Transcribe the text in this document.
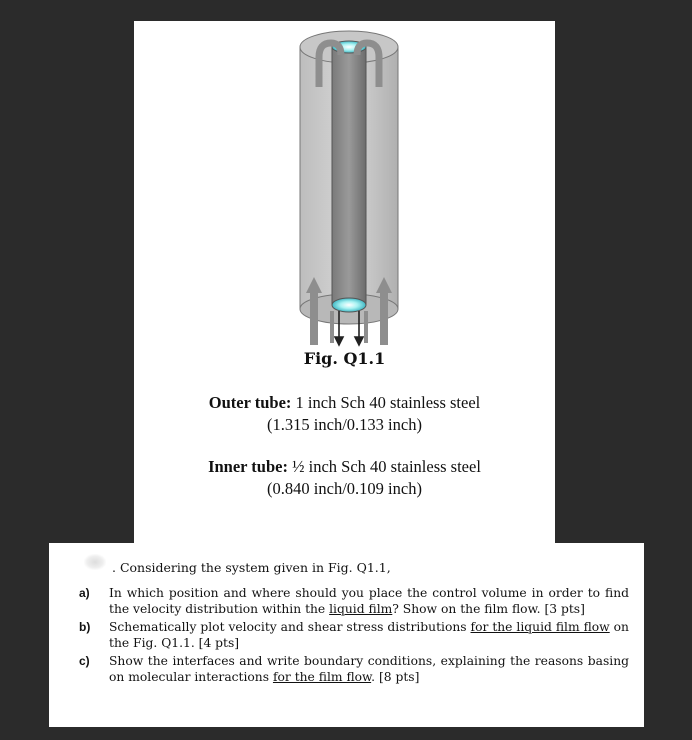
Fig. Q1.1
Outer tube: 1 inch Sch 40 stainless steel
(1.315 inch/0.133 inch)
Inner tube: ½ inch Sch 40 stainless steel
(0.840 inch/0.109 inch)
. Considering the system given in Fig. Q1.1,
a) In which position and where should you place the control volume in order to find the velocity distribution within the liquid film? Show on the film flow. [3 pts]
b) Schematically plot velocity and shear stress distributions for the liquid film flow on the Fig. Q1.1. [4 pts]
c) Show the interfaces and write boundary conditions, explaining the reasons basing on molecular interactions for the film flow. [8 pts]
